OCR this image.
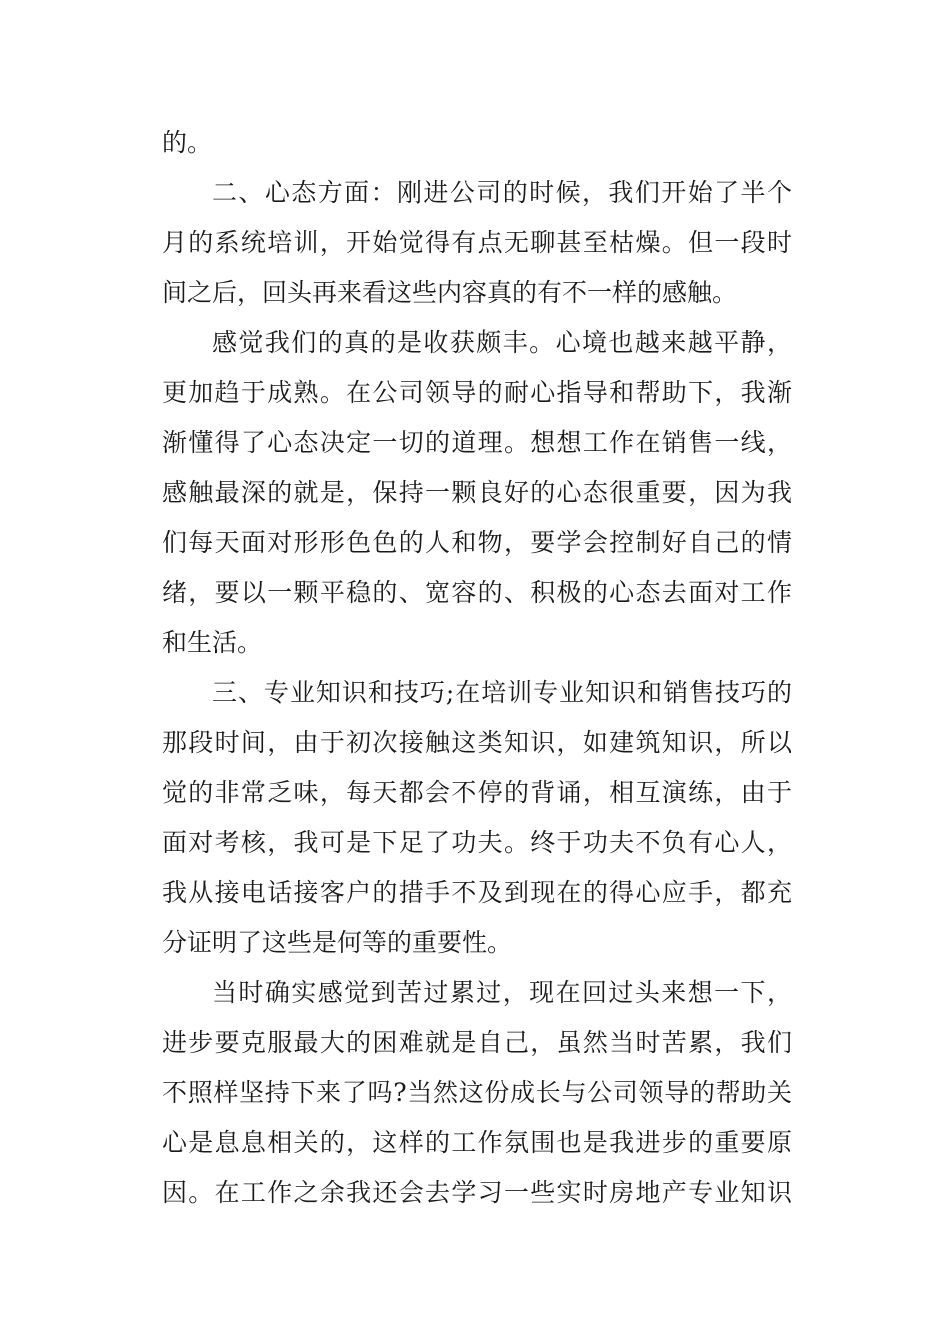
的。
二、心态方面：刚进公司的时候，我们开始了半个
月的系统培训，开始觉得有点无聊甚至枯燥。但一段时
间之后，回头再来看这些内容真的有不一样的感触。
感觉我们的真的是收获颇丰。心境也越来越平静，
更加趋于成熟。在公司领导的耐心指导和帮助下，我渐
渐懂得了心态决定一切的道理。想想工作在销售一线，
感触最深的就是，保持一颗良好的心态很重要，因为我
们每天面对形形色色的人和物，要学会控制好自己的情
绪，要以一颗平稳的、宽容的、积极的心态去面对工作
和生活。
三、专业知识和技巧;在培训专业知识和销售技巧的
那段时间，由于初次接触这类知识，如建筑知识，所以
觉的非常乏味，每天都会不停的背诵，相互演练，由于
面对考核，我可是下足了功夫。终于功夫不负有心人，
我从接电话接客户的措手不及到现在的得心应手，都充
分证明了这些是何等的重要性。
当时确实感觉到苦过累过，现在回过头来想一下，
进步要克服最大的困难就是自己，虽然当时苦累，我们
不照样坚持下来了吗?当然这份成长与公司领导的帮助关
心是息息相关的，这样的工作氛围也是我进步的重要原
因。在工作之余我还会去学习一些实时房地产专业知识
